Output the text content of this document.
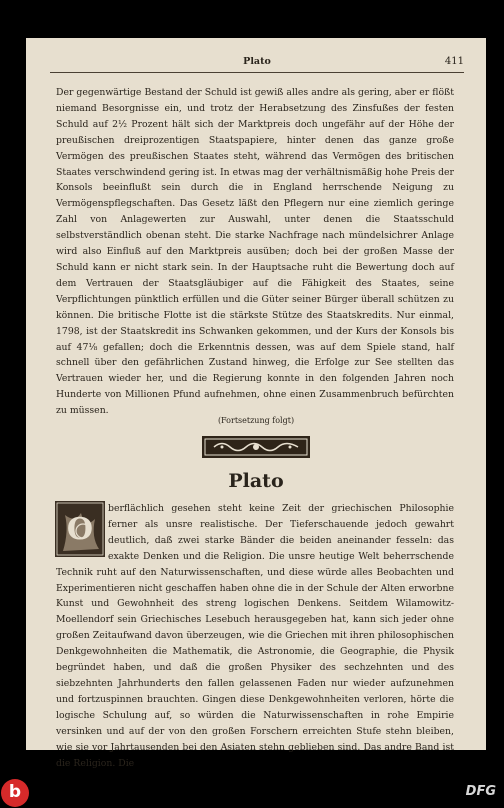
Plato	411

Der gegenwärtige Bestand der Schuld ist gewiß alles andre als gering, aber er flößt niemand Besorgnisse ein, und trotz der Herabsetzung des Zinsfußes der festen Schuld auf 2½ Prozent hält sich der Marktpreis doch ungefähr auf der Höhe der preußischen dreiprozentigen Staatspapiere, hinter denen das ganze große Vermögen des preußischen Staates steht, während das Vermögen des britischen Staates verschwindend gering ist. In etwas mag der verhältnismäßig hohe Preis der Konsols beeinflußt sein durch die in England herrschende Neigung zu Vermögenspflegschaften. Das Gesetz läßt den Pflegern nur eine ziemlich geringe Zahl von Anlagewerten zur Auswahl, unter denen die Staatsschuld selbstverständlich obenan steht. Die starke Nachfrage nach mündelsichrer Anlage wird also Einfluß auf den Marktpreis ausüben; doch bei der großen Masse der Schuld kann er nicht stark sein. In der Hauptsache ruht die Bewertung doch auf dem Vertrauen der Staatsgläubiger auf die Fähigkeit des Staates, seine Verpflichtungen pünktlich erfüllen und die Güter seiner Bürger überall schützen zu können. Die britische Flotte ist die stärkste Stütze des Staatskredits. Nur einmal, 1798, ist der Staatskredit ins Schwanken gekommen, und der Kurs der Konsols bis auf 47⅛ gefallen; doch die Erkenntnis dessen, was auf dem Spiele stand, half schnell über den gefährlichen Zustand hinweg, die Erfolge zur See stellten das Vertrauen wieder her, und die Regierung konnte in den folgenden Jahren noch Hunderte von Millionen Pfund aufnehmen, ohne einen Zusammenbruch befürchten zu müssen.

(Fortsetzung folgt)
Plato
O

berflächlich gesehen steht keine Zeit der griechischen Philosophie ferner als unsre realistische. Der Tieferschauende jedoch gewahrt deutlich, daß zwei starke Bänder die beiden aneinander fesseln: das exakte Denken und die Religion. Die unsre heutige Welt beherrschende Technik ruht auf den Naturwissenschaften, und diese würde alles Beobachten und Experimentieren nicht geschaffen haben ohne die in der Schule der Alten erworbne Kunst und Gewohnheit des streng logischen Denkens. Seitdem Wilamowitz-Moellendorf sein Griechisches Lesebuch herausgegeben hat, kann sich jeder ohne großen Zeitaufwand davon überzeugen, wie die Griechen mit ihren philosophischen Denkgewohnheiten die Mathematik, die Astronomie, die Geographie, die Physik begründet haben, und daß die großen Physiker des sechzehnten und des siebzehnten Jahrhunderts den fallen gelassenen Faden nur wieder aufzunehmen und fortzuspinnen brauchten. Gingen diese Denkgewohnheiten verloren, hörte die logische Schulung auf, so würden die Naturwissenschaften in rohe Empirie versinken und auf der von den großen Forschern erreichten Stufe stehn bleiben, wie sie vor Jahrtausenden bei den Asiaten stehn geblieben sind. Das andre Band ist die Religion. Die

b	DFG
